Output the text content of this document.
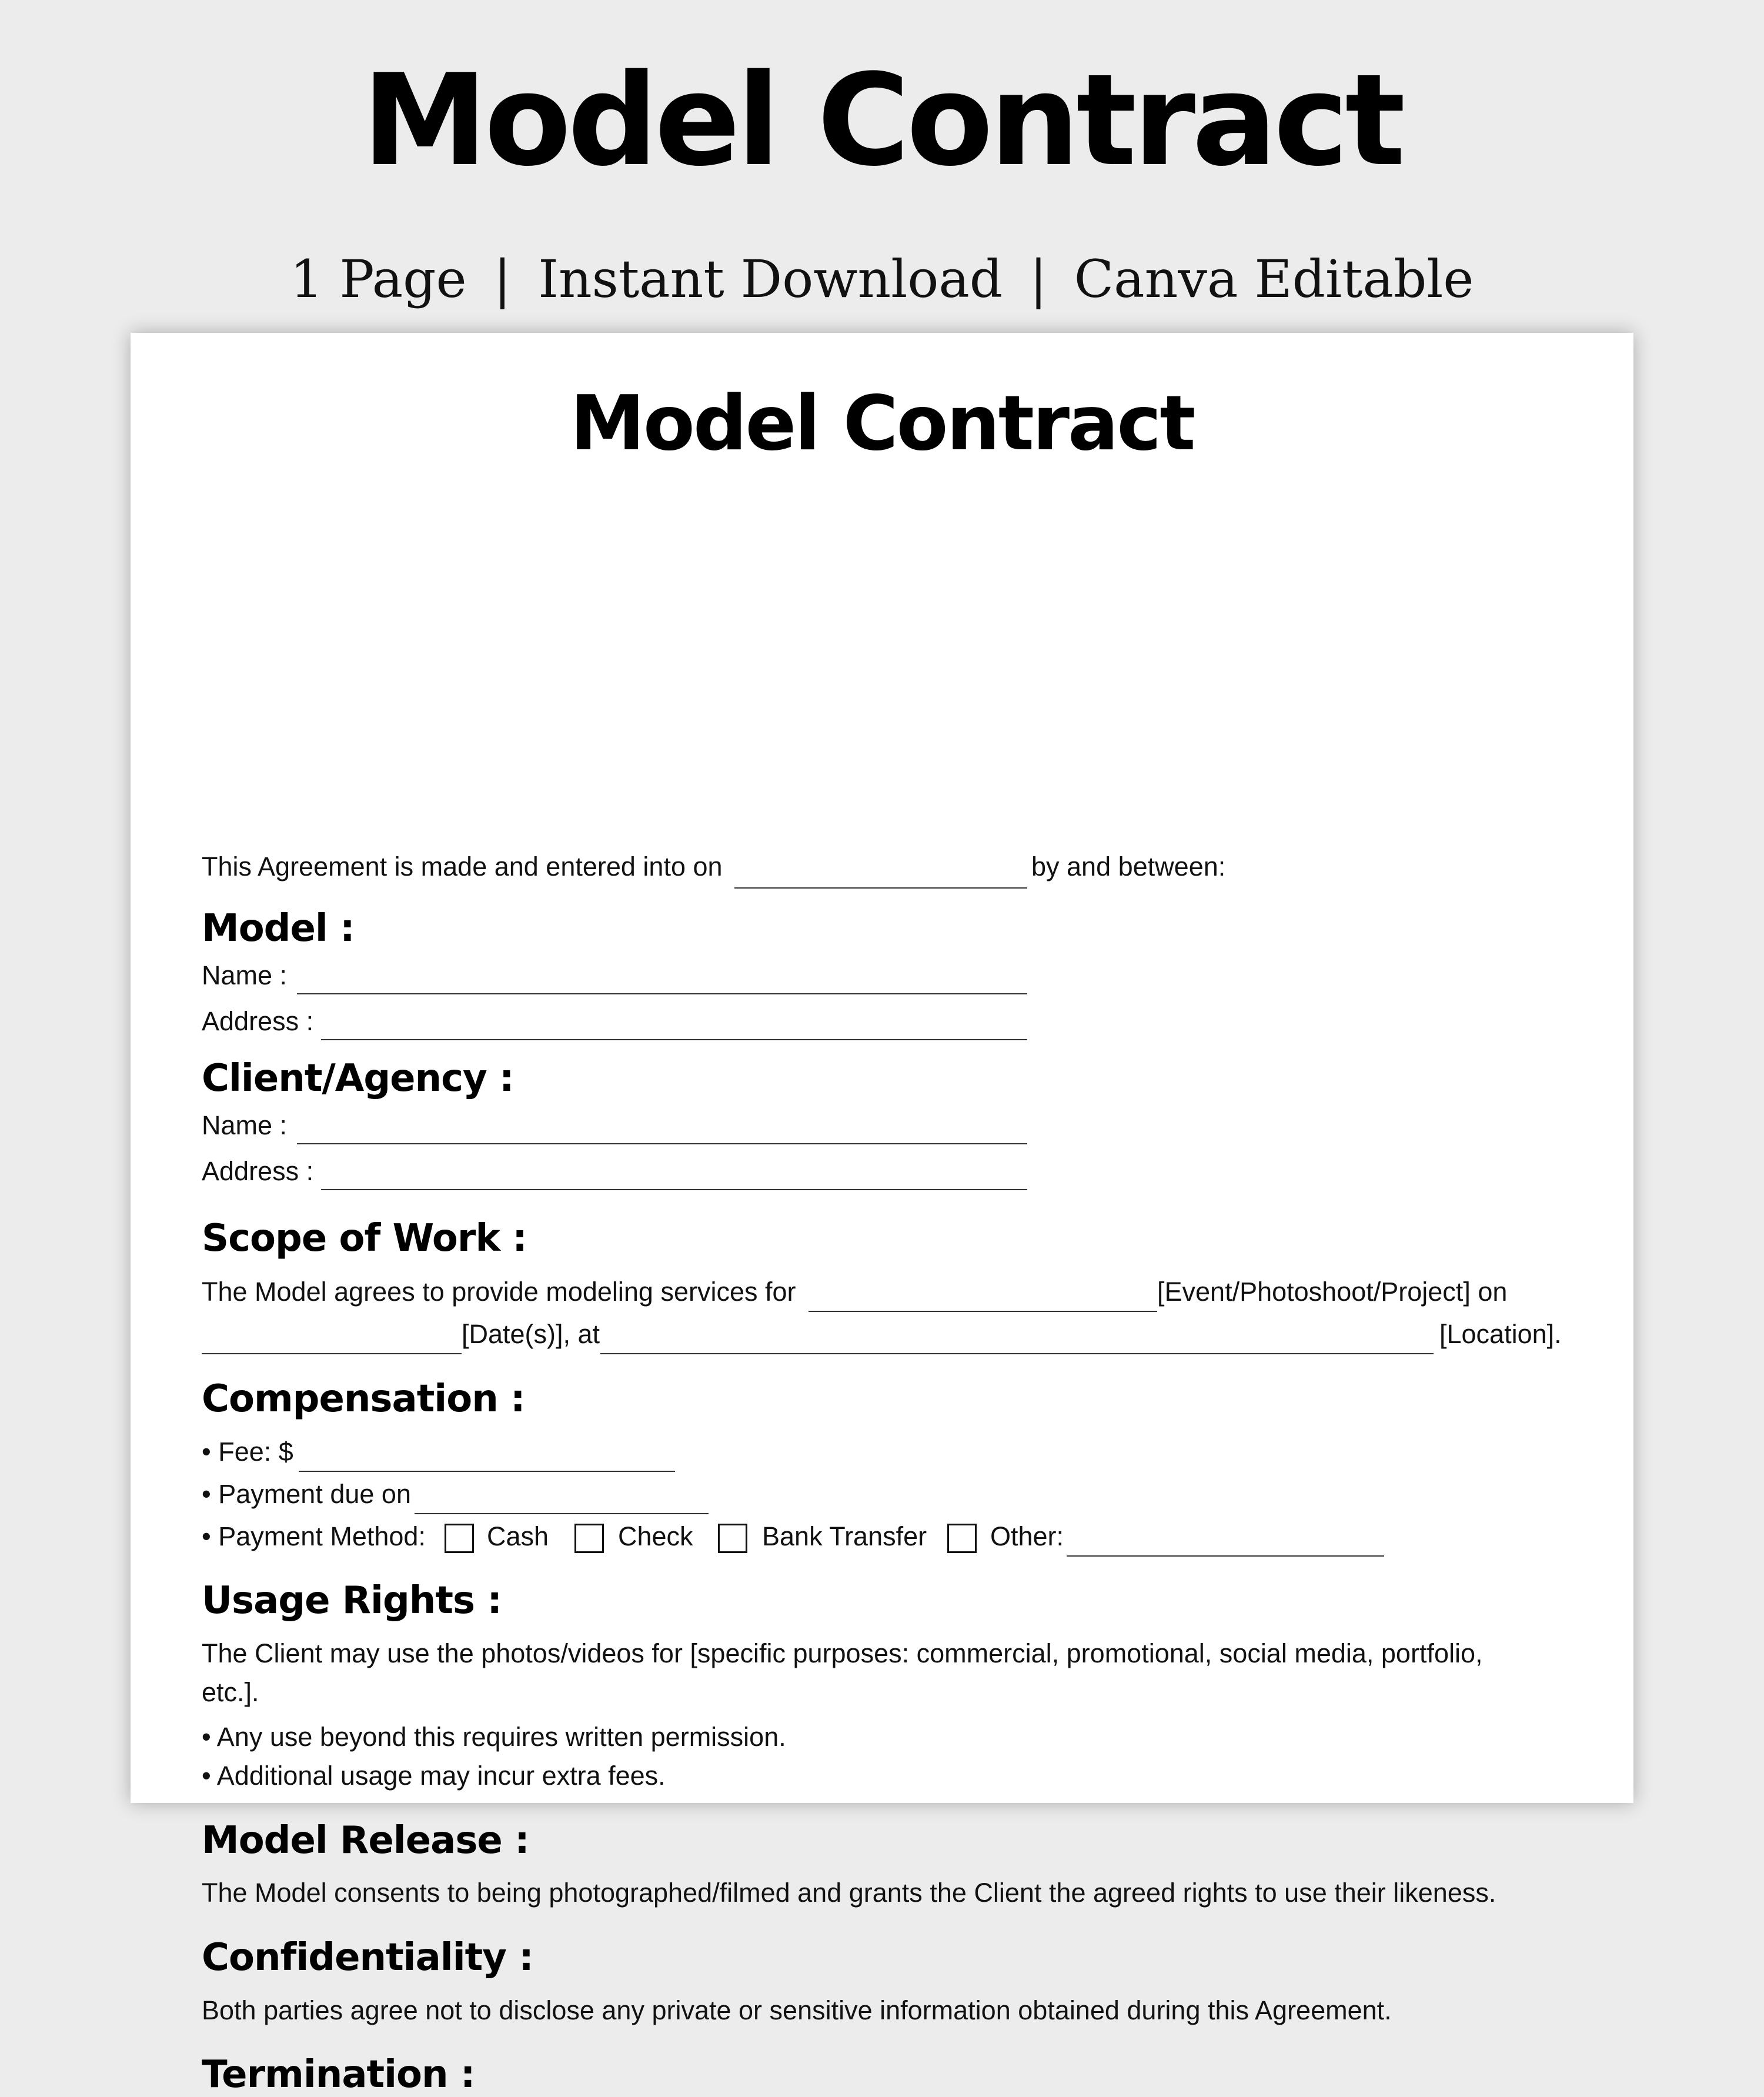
Model Contract
1 Page | Instant Download | Canva Editable
Model Contract
This Agreement is made and entered into on	by and between:
Model :
Name :
Address :
Client/Agency :
Name :
Address :
Scope of Work :
The Model agrees to provide modeling services for	[Event/Photoshoot/Project] on
[Date(s)], at	[Location].
Compensation :
• Fee: $
• Payment due on
• Payment Method: Cash	Check	Bank Transfer Other:
Usage Rights :
The Client may use the photos/videos for [specific purposes: commercial, promotional, social media, portfolio,
etc.].
• Any use beyond this requires written permission.
• Additional usage may incur extra fees.
Model Release :
The Model consents to being photographed/filmed and grants the Client the agreed rights to use their likeness.
Confidentiality :
Both parties agree not to disclose any private or sensitive information obtained during this Agreement.
Termination :
